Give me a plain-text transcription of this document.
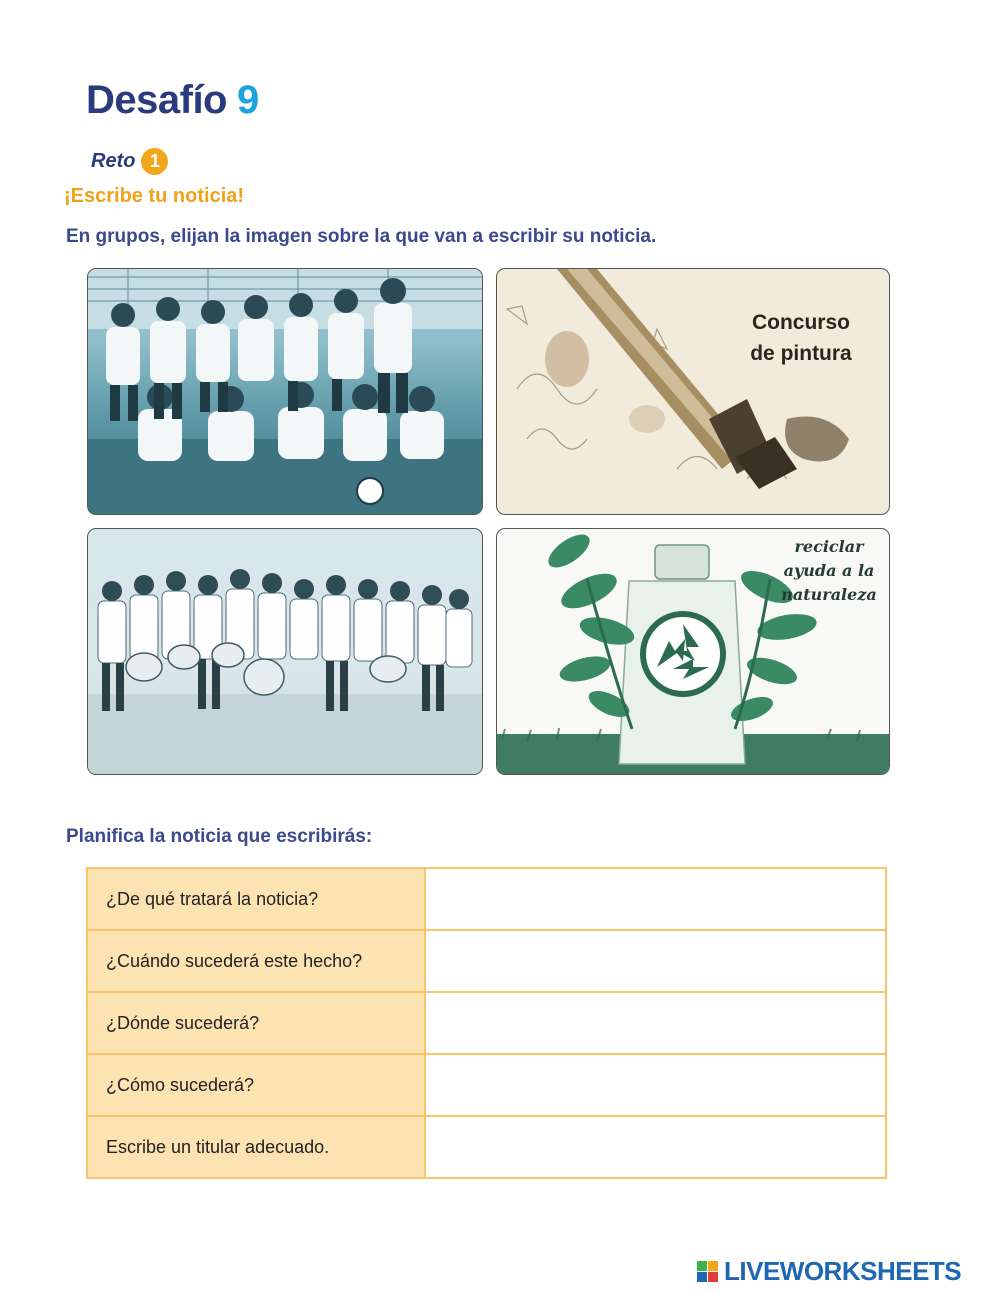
Desafío 9
Reto 1
¡Escribe tu noticia!
En grupos, elijan la imagen sobre la que van a escribir su noticia.
Concurso de pintura
reciclar ayuda a la naturaleza
Planifica la noticia que escribirás:
¿De qué tratará la noticia?	
¿Cuándo sucederá este hecho?	
¿Dónde sucederá?	
¿Cómo sucederá?	
Escribe un titular adecuado.	
LIVEWORKSHEETS
